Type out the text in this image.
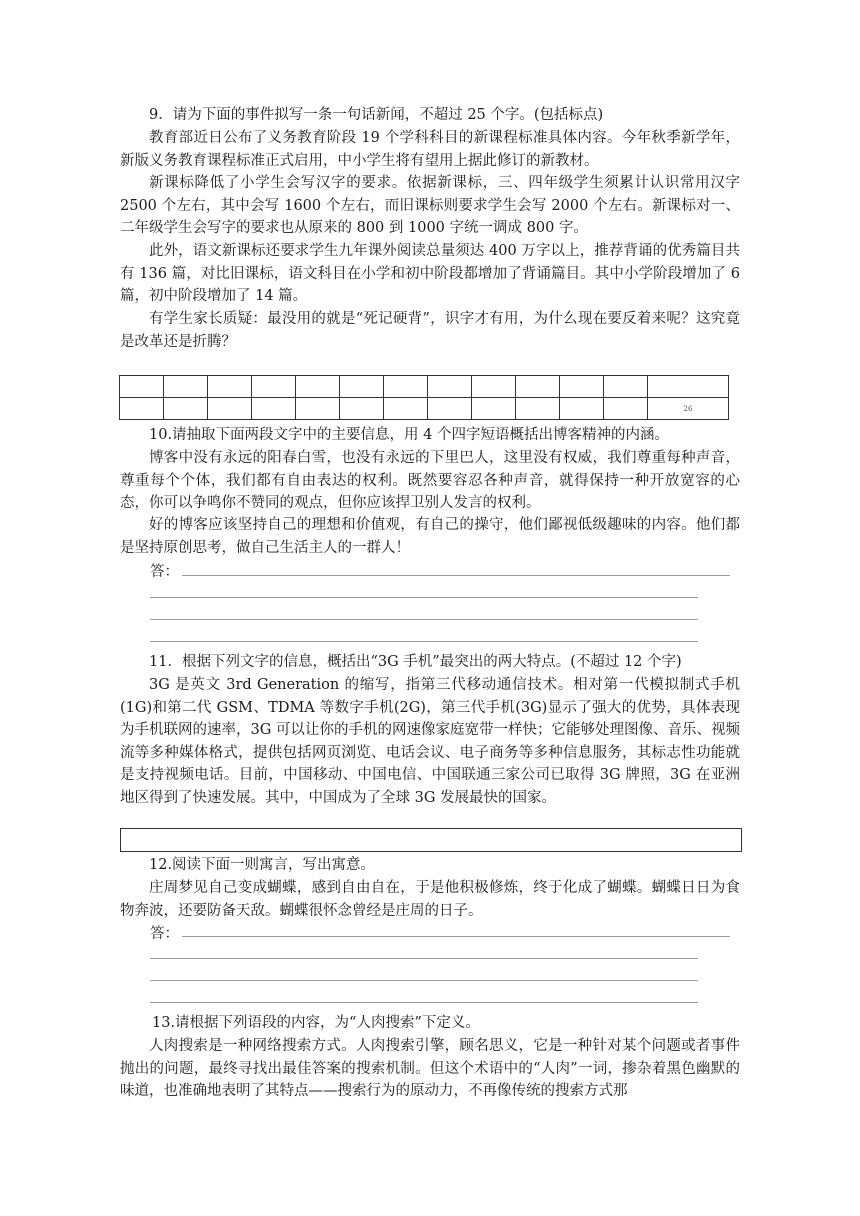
9．请为下面的事件拟写一条一句话新闻，不超过 25 个字。(包括标点)

教育部近日公布了义务教育阶段 19 个学科科目的新课程标准具体内容。今年秋季新学年，新版义务教育课程标准正式启用，中小学生将有望用上据此修订的新教材。

新课标降低了小学生会写汉字的要求。依据新课标，三、四年级学生须累计认识常用汉字 2500 个左右，其中会写 1600 个左右，而旧课标则要求学生会写 2000 个左右。新课标对一、二年级学生会写字的要求也从原来的 800 到 1000 字统一调成 800 字。

此外，语文新课标还要求学生九年课外阅读总量须达 400 万字以上，推荐背诵的优秀篇目共有 136 篇，对比旧课标，语文科目在小学和初中阶段都增加了背诵篇目。其中小学阶段增加了 6 篇，初中阶段增加了 14 篇。

有学生家长质疑：最没用的就是“死记硬背”，识字才有用，为什么现在要反着来呢？这究竟是改革还是折腾？

												26

10.请抽取下面两段文字中的主要信息，用 4 个四字短语概括出博客精神的内涵。

博客中没有永远的阳春白雪，也没有永远的下里巴人，这里没有权威，我们尊重每种声音，尊重每个个体，我们都有自由表达的权利。既然要容忍各种声音，就得保持一种开放宽容的心态，你可以争鸣你不赞同的观点，但你应该捍卫别人发言的权利。

好的博客应该坚持自己的理想和价值观，有自己的操守，他们鄙视低级趣味的内容。他们都是坚持原创思考，做自己生活主人的一群人！

答：

11．根据下列文字的信息，概括出“3G 手机”最突出的两大特点。(不超过 12 个字)

3G 是英文 3rd Generation 的缩写，指第三代移动通信技术。相对第一代模拟制式手机(1G)和第二代 GSM、TDMA 等数字手机(2G)，第三代手机(3G)显示了强大的优势，具体表现为手机联网的速率，3G 可以让你的手机的网速像家庭宽带一样快；它能够处理图像、音乐、视频流等多种媒体格式，提供包括网页浏览、电话会议、电子商务等多种信息服务，其标志性功能就是支持视频电话。目前，中国移动、中国电信、中国联通三家公司已取得 3G 牌照，3G 在亚洲地区得到了快速发展。其中，中国成为了全球 3G 发展最快的国家。

12.阅读下面一则寓言，写出寓意。

庄周梦见自己变成蝴蝶，感到自由自在，于是他积极修炼，终于化成了蝴蝶。蝴蝶日日为食物奔波，还要防备天敌。蝴蝶很怀念曾经是庄周的日子。

答：

13.请根据下列语段的内容，为“人肉搜索”下定义。

人肉搜索是一种网络搜索方式。人肉搜索引擎，顾名思义，它是一种针对某个问题或者事件抛出的问题，最终寻找出最佳答案的搜索机制。但这个术语中的“人肉”一词，掺杂着黑色幽默的味道，也准确地表明了其特点——搜索行为的原动力，不再像传统的搜索方式那
